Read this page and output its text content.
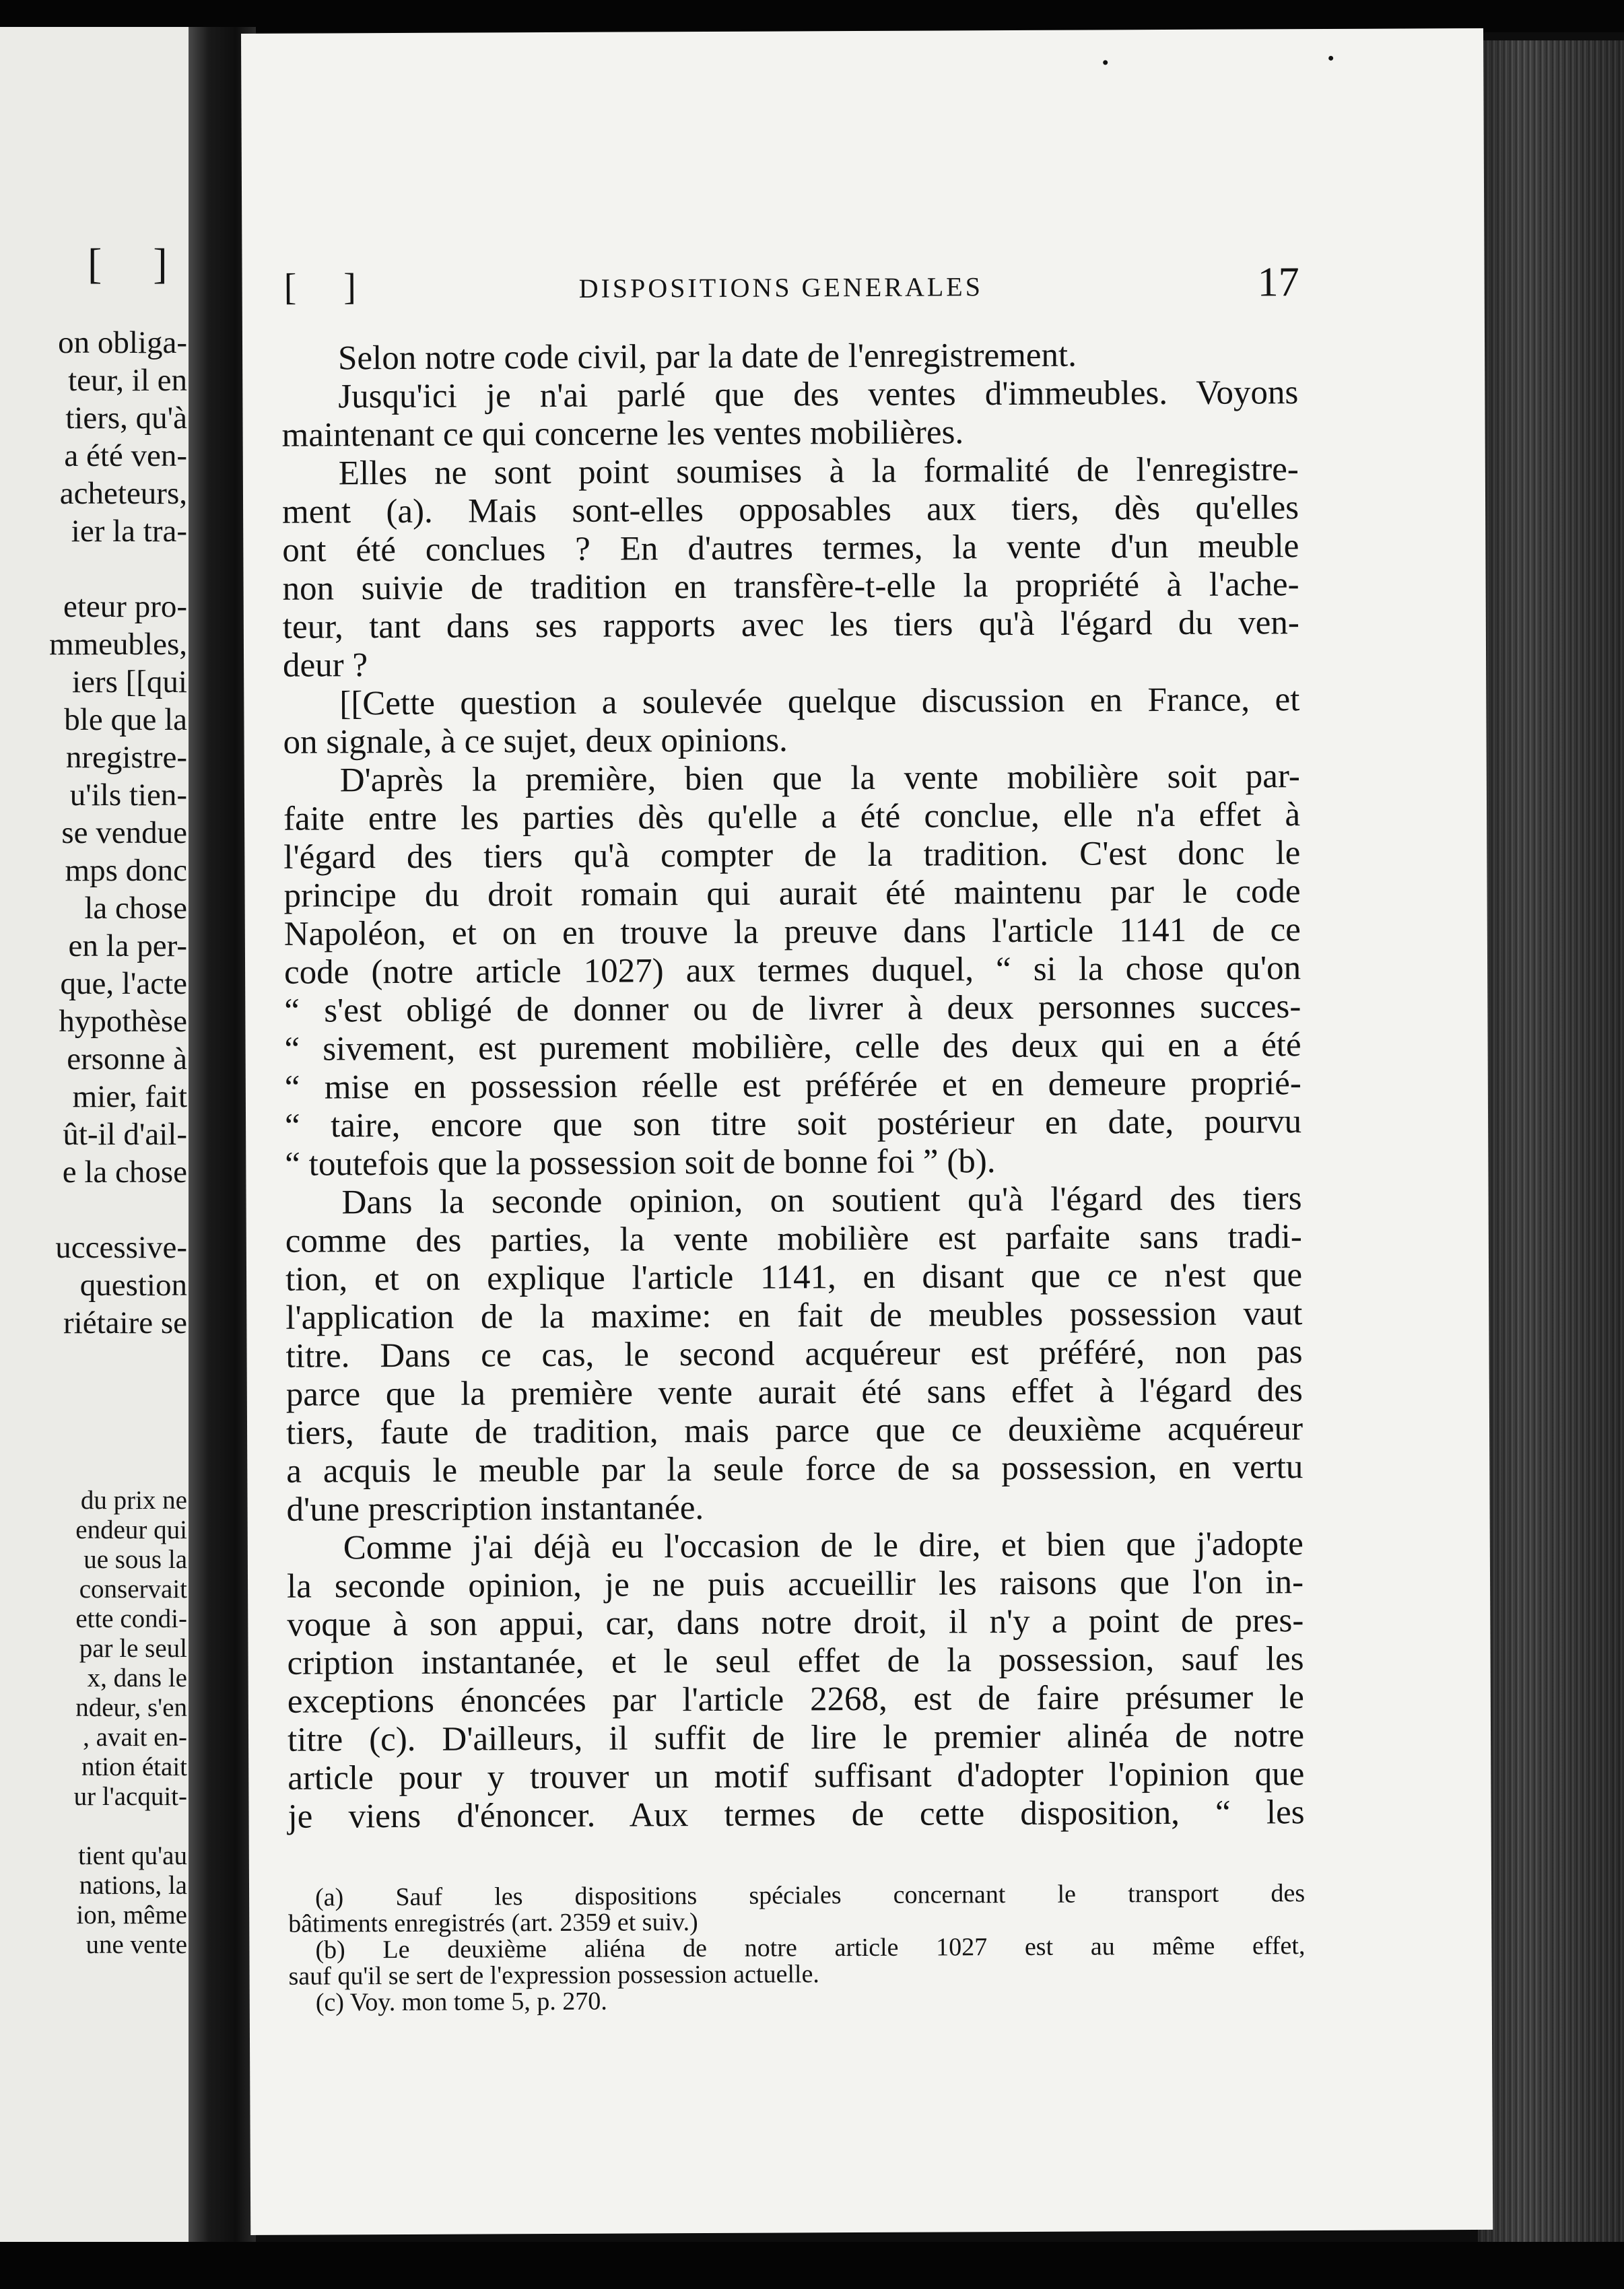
[ ]
on obliga-
teur, il en
tiers, qu'à
a été ven-
acheteurs,
ier la tra-
eteur pro-
mmeubles,
iers [[qui
ble que la
nregistre-
u'ils tien-
se vendue
mps donc
la chose
en la per-
que, l'acte
hypothèse
ersonne à
mier, fait
ût-il d'ail-
e la chose
uccessive-
question
riétaire se
du prix ne
endeur qui
ue sous la
conservait
ette condi-
par le seul
x, dans le
ndeur, s'en
, avait en-
ntion était
ur l'acquit-
tient qu'au
nations, la
ion, même
une vente
[ ]	DISPOSITIONS GENERALES	17
Selon notre code civil, par la date de l'enregistrement.
Jusqu'ici je n'ai parlé que des ventes d'immeubles. Voyons
maintenant ce qui concerne les ventes mobilières.
Elles ne sont point soumises à la formalité de l'enregistre-
ment (a). Mais sont-elles opposables aux tiers, dès qu'elles
ont été conclues ? En d'autres termes, la vente d'un meuble
non suivie de tradition en transfère-t-elle la propriété à l'ache-
teur, tant dans ses rapports avec les tiers qu'à l'égard du ven-
deur ?
[[Cette question a soulevée quelque discussion en France, et
on signale, à ce sujet, deux opinions.
D'après la première, bien que la vente mobilière soit par-
faite entre les parties dès qu'elle a été conclue, elle n'a effet à
l'égard des tiers qu'à compter de la tradition. C'est donc le
principe du droit romain qui aurait été maintenu par le code
Napoléon, et on en trouve la preuve dans l'article 1141 de ce
code (notre article 1027) aux termes duquel, “ si la chose qu'on
“ s'est obligé de donner ou de livrer à deux personnes succes-
“ sivement, est purement mobilière, celle des deux qui en a été
“ mise en possession réelle est préférée et en demeure proprié-
“ taire, encore que son titre soit postérieur en date, pourvu
“ toutefois que la possession soit de bonne foi ” (b).
Dans la seconde opinion, on soutient qu'à l'égard des tiers
comme des parties, la vente mobilière est parfaite sans tradi-
tion, et on explique l'article 1141, en disant que ce n'est que
l'application de la maxime: en fait de meubles possession vaut
titre. Dans ce cas, le second acquéreur est préféré, non pas
parce que la première vente aurait été sans effet à l'égard des
tiers, faute de tradition, mais parce que ce deuxième acquéreur
a acquis le meuble par la seule force de sa possession, en vertu
d'une prescription instantanée.
Comme j'ai déjà eu l'occasion de le dire, et bien que j'adopte
la seconde opinion, je ne puis accueillir les raisons que l'on in-
voque à son appui, car, dans notre droit, il n'y a point de pres-
cription instantanée, et le seul effet de la possession, sauf les
exceptions énoncées par l'article 2268, est de faire présumer le
titre (c). D'ailleurs, il suffit de lire le premier alinéa de notre
article pour y trouver un motif suffisant d'adopter l'opinion que
je viens d'énoncer. Aux termes de cette disposition, “ les
(a) Sauf les dispositions spéciales concernant le transport des
bâtiments enregistrés (art. 2359 et suiv.)
(b) Le deuxième aliéna de notre article 1027 est au même effet,
sauf qu'il se sert de l'expression possession actuelle.
(c) Voy. mon tome 5, p. 270.
